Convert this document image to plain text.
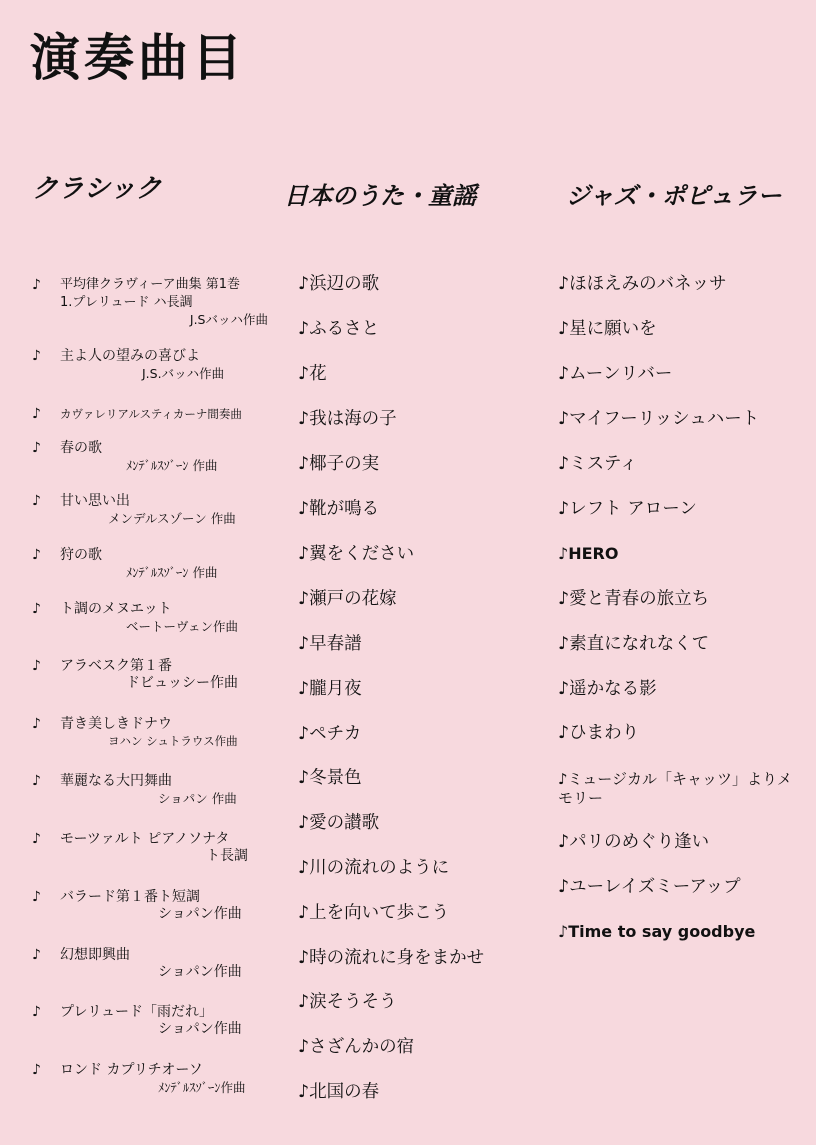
演奏曲目
クラシック	日本のうた・童謡	ジャズ・ポピュラー
♪	平均律クラヴィーア曲集 第1巻
1.プレリュード ハ長調
J.Sバッハ作曲
♪	主よ人の望みの喜びよ
J.S.バッハ作曲
♪	カヴァレリアルスティカーナ間奏曲
♪	春の歌
ﾒﾝﾃﾞﾙｽｿﾞｰﾝ 作曲
♪	甘い思い出
メンデルスゾーン 作曲
♪	狩の歌
ﾒﾝﾃﾞﾙｽｿﾞｰﾝ 作曲
♪	ト調のメヌエット
ベートーヴェン作曲
♪	アラベスク第１番
ドビュッシー作曲
♪	青き美しきドナウ
ヨハン シュトラウス作曲
♪	華麗なる大円舞曲
ショパン 作曲
♪	モーツァルト ピアノソナタ
ト長調
♪	バラード第１番ト短調
ショパン作曲
♪	幻想即興曲
ショパン作曲
♪	プレリュード「雨だれ」
ショパン作曲
♪	ロンド カプリチオーソ
ﾒﾝﾃﾞﾙｽｿﾞｰﾝ作曲
♪浜辺の歌
♪ふるさと
♪花
♪我は海の子
♪椰子の実
♪靴が鳴る
♪翼をください
♪瀬戸の花嫁
♪早春譜
♪朧月夜
♪ペチカ
♪冬景色
♪愛の讃歌
♪川の流れのように
♪上を向いて歩こう
♪時の流れに身をまかせ
♪涙そうそう
♪さざんかの宿
♪北国の春
♪ほほえみのバネッサ
♪星に願いを
♪ムーンリバー
♪マイフーリッシュハート
♪ミスティ
♪レフト アローン
♪HERO
♪愛と青春の旅立ち
♪素直になれなくて
♪遥かなる影
♪ひまわり
♪ミュージカル「キャッツ」よりメモリー
♪パリのめぐり逢い
♪ユーレイズミーアップ
♪Time to say goodbye
